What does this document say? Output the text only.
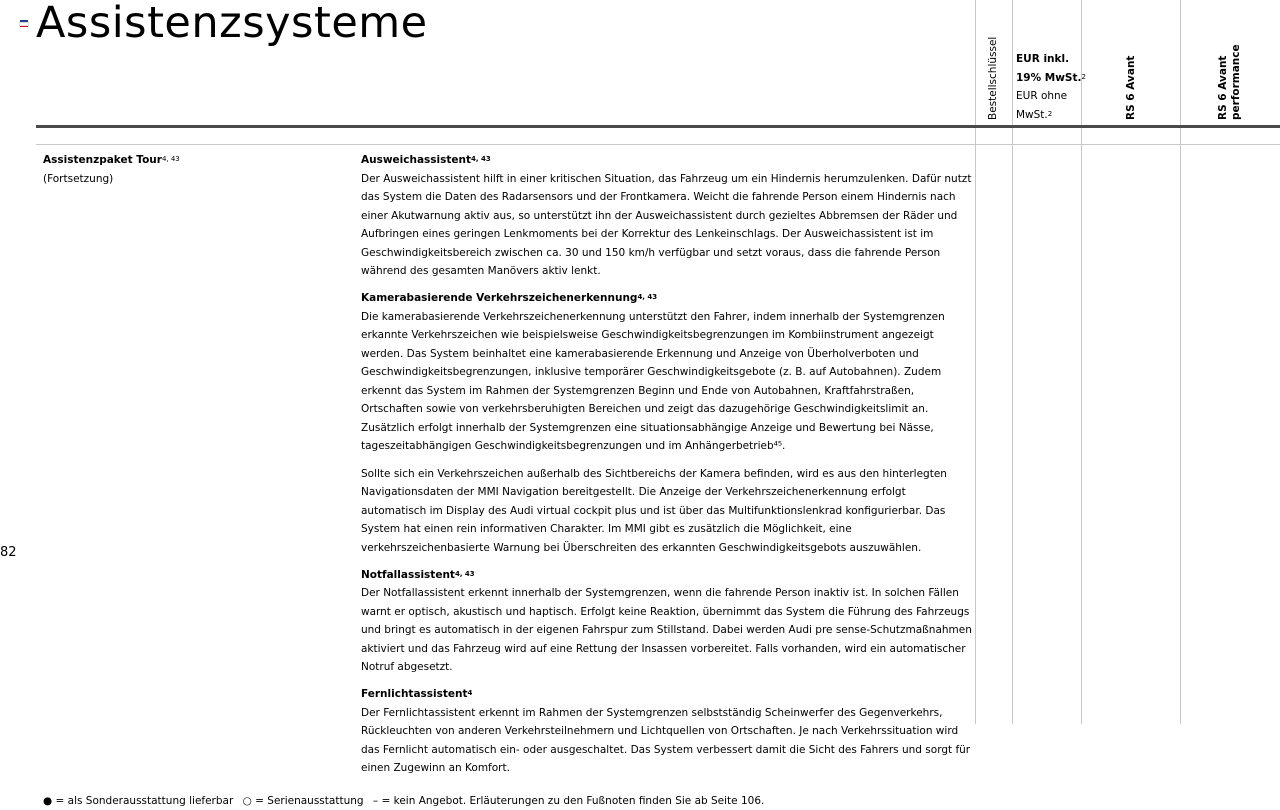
Assistenzsysteme
Bestellschlüssel EUR inkl.
19% MwSt.$^2$
EUR ohne
MwSt.$^2$	RS 6 Avant	RS 6 Avant performance
Assistenzpaket Tour$^{4, 43}$
(Fortsetzung)
Ausweichassistent$^{4, 43}$

Der Ausweichassistent hilft in einer kritischen Situation, das Fahrzeug um ein Hindernis herumzulenken. Dafür nutzt das System die Daten des Radarsensors und der Frontkamera. Weicht die fahrende Person einem Hindernis nach einer Akutwarnung aktiv aus, so unterstützt ihn der Ausweichassistent durch gezieltes Abbremsen der Räder und Aufbringen eines geringen Lenkmoments bei der Korrektur des Lenkeinschlags. Der Ausweichassistent ist im Geschwindigkeitsbereich zwischen ca. 30 und 150 km/h verfügbar und setzt voraus, dass die fahrende Person während des gesamten Manövers aktiv lenkt.

Kamerabasierende Verkehrszeichenerkennung$^{4, 43}$

Die kamerabasierende Verkehrszeichenerkennung unterstützt den Fahrer, indem innerhalb der Systemgrenzen erkannte Verkehrszeichen wie beispielsweise Geschwindigkeitsbegrenzungen im Kombiinstrument angezeigt werden. Das System beinhaltet eine kamerabasierende Erkennung und Anzeige von Überholverboten und Geschwindigkeitsbegrenzungen, inklusive temporärer Geschwindigkeitsgebote (z. B. auf Autobahnen). Zudem erkennt das System im Rahmen der Systemgrenzen Beginn und Ende von Autobahnen, Kraftfahrstraßen, Ortschaften sowie von verkehrsberuhigten Bereichen und zeigt das dazugehörige Geschwindigkeitslimit an. Zusätzlich erfolgt innerhalb der Systemgrenzen eine situationsabhängige Anzeige und Bewertung bei Nässe, tageszeitabhängigen Geschwindigkeitsbegrenzungen und im Anhängerbetrieb⁴⁵.

Sollte sich ein Verkehrszeichen außerhalb des Sichtbereichs der Kamera befinden, wird es aus den hinterlegten Navigationsdaten der MMI Navigation bereitgestellt. Die Anzeige der Verkehrszeichenerkennung erfolgt automatisch im Display des Audi virtual cockpit plus und ist über das Multifunktionslenkrad konfigurierbar. Das System hat einen rein informativen Charakter. Im MMI gibt es zusätzlich die Möglichkeit, eine verkehrszeichenbasierte Warnung bei Überschreiten des erkannten Geschwindigkeitsgebots auszuwählen.

Notfallassistent$^{4, 43}$

Der Notfallassistent erkennt innerhalb der Systemgrenzen, wenn die fahrende Person inaktiv ist. In solchen Fällen warnt er optisch, akustisch und haptisch. Erfolgt keine Reaktion, übernimmt das System die Führung des Fahrzeugs und bringt es automatisch in der eigenen Fahrspur zum Stillstand. Dabei werden Audi pre sense-Schutzmaßnahmen aktiviert und das Fahrzeug wird auf eine Rettung der Insassen vorbereitet. Falls vorhanden, wird ein automatischer Notruf abgesetzt.

Fernlichtassistent$^4$

Der Fernlichtassistent erkennt im Rahmen der Systemgrenzen selbstständig Scheinwerfer des Gegenverkehrs, Rückleuchten von anderen Verkehrsteilnehmern und Lichtquellen von Ortschaften. Je nach Verkehrssituation wird das Fernlicht automatisch ein- oder ausgeschaltet. Das System verbessert damit die Sicht des Fahrers und sorgt für einen Zugewinn an Komfort.

82
● = als Sonderausstattung lieferbar ○ = Serienausstattung – = kein Angebot. Erläuterungen zu den Fußnoten finden Sie ab Seite 106.
